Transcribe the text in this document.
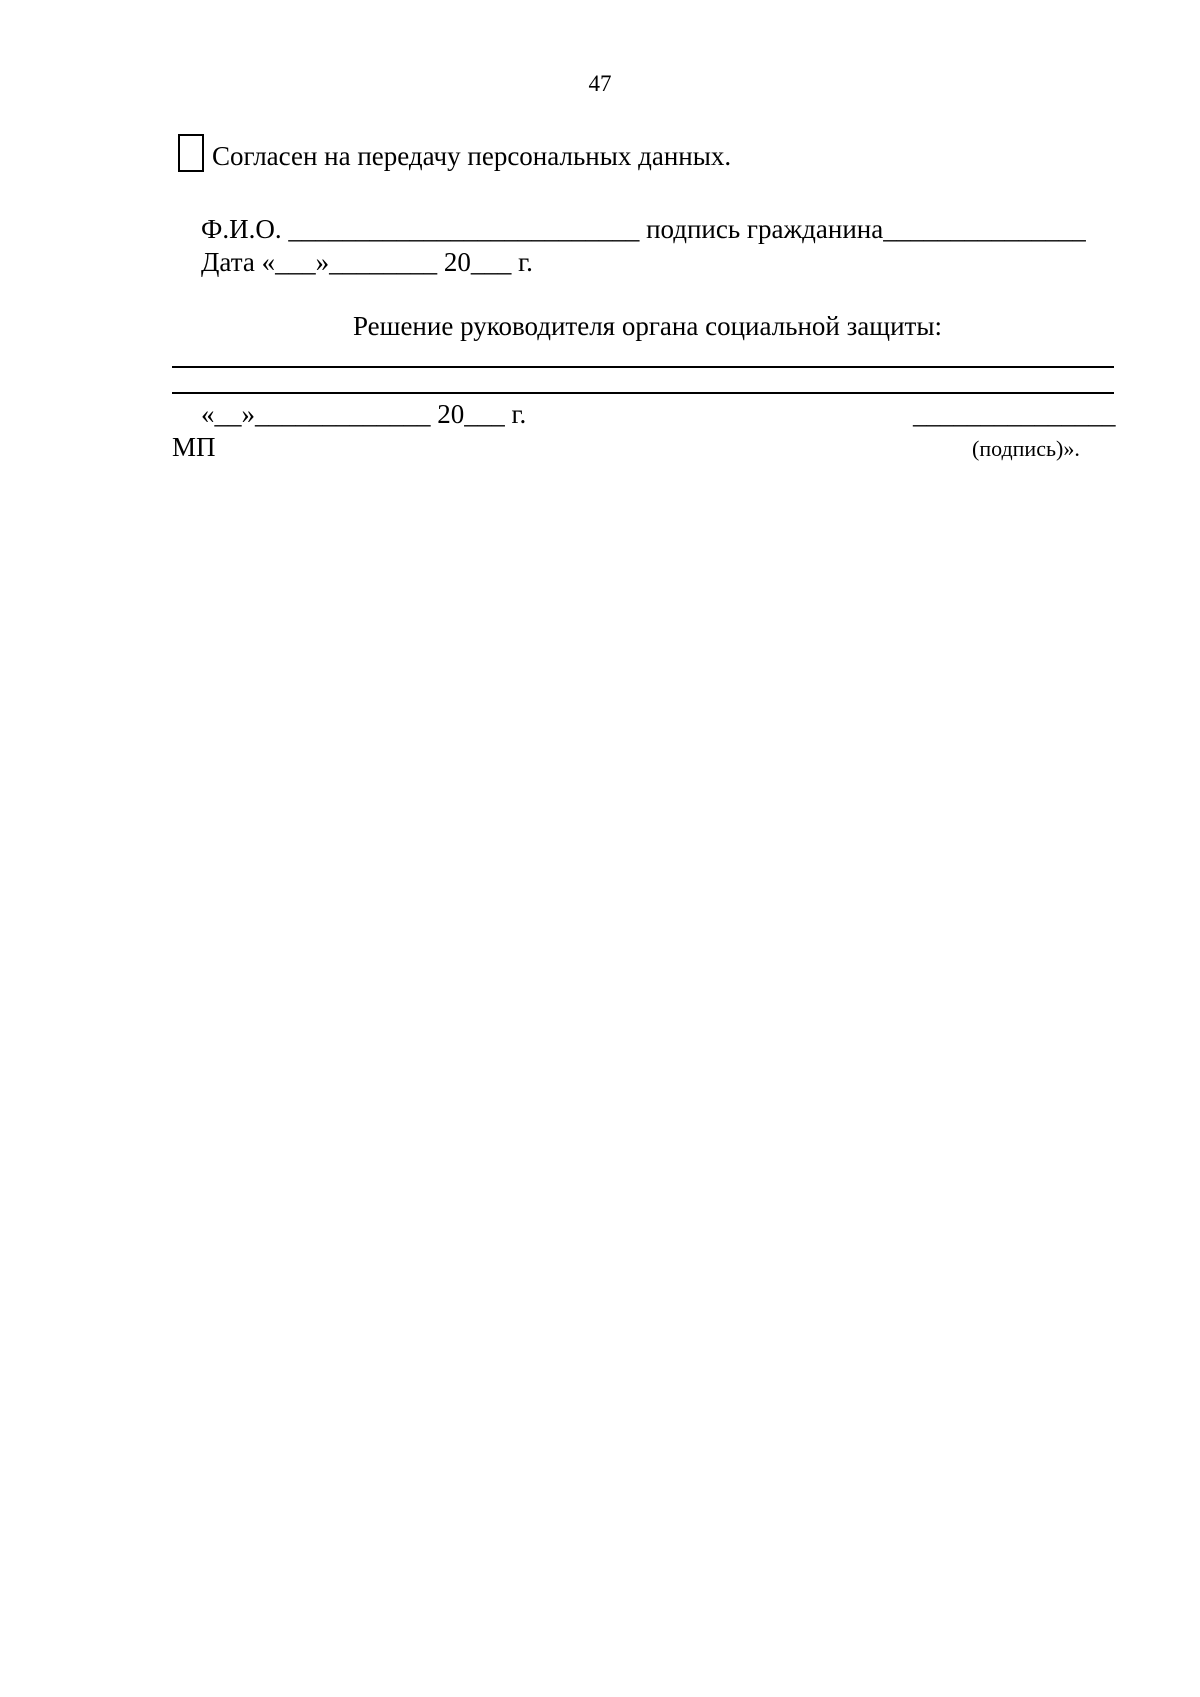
47
Согласен на передачу персональных данных.
Ф.И.О. __________________________ подпись гражданина_______________
Дата «___»________ 20___ г.
Решение руководителя органа социальной защиты:
«__»_____________ 20___ г.	_______________
МП	(подпись)».
